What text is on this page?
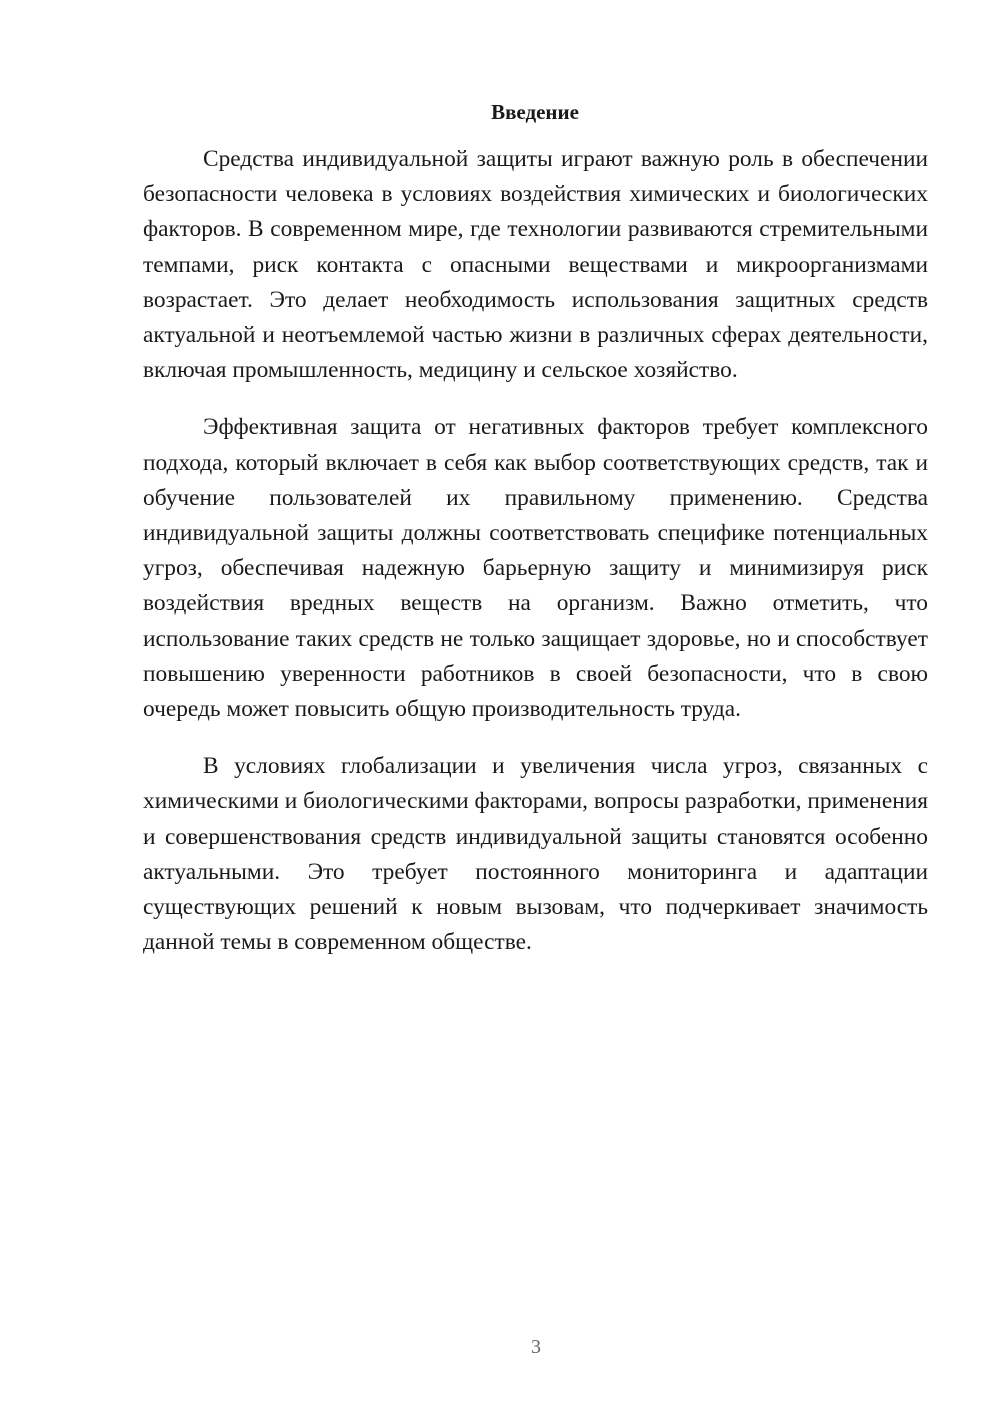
Введение

Средства индивидуальной защиты играют важную роль в обеспечении безопасности человека в условиях воздействия химических и биологических факторов. В современном мире, где технологии развиваются стремительными темпами, риск контакта с опасными веществами и микроорганизмами возрастает. Это делает необходимость использования защитных средств актуальной и неотъемлемой частью жизни в различных сферах деятельности, включая промышленность, медицину и сельское хозяйство.

Эффективная защита от негативных факторов требует комплексного подхода, который включает в себя как выбор соответствующих средств, так и обучение пользователей их правильному применению. Средства индивидуальной защиты должны соответствовать специфике потенциальных угроз, обеспечивая надежную барьерную защиту и минимизируя риск воздействия вредных веществ на организм. Важно отметить, что использование таких средств не только защищает здоровье, но и способствует повышению уверенности работников в своей безопасности, что в свою очередь может повысить общую производительность труда.

В условиях глобализации и увеличения числа угроз, связанных с химическими и биологическими факторами, вопросы разработки, применения и совершенствования средств индивидуальной защиты становятся особенно актуальными. Это требует постоянного мониторинга и адаптации существующих решений к новым вызовам, что подчеркивает значимость данной темы в современном обществе.

3
